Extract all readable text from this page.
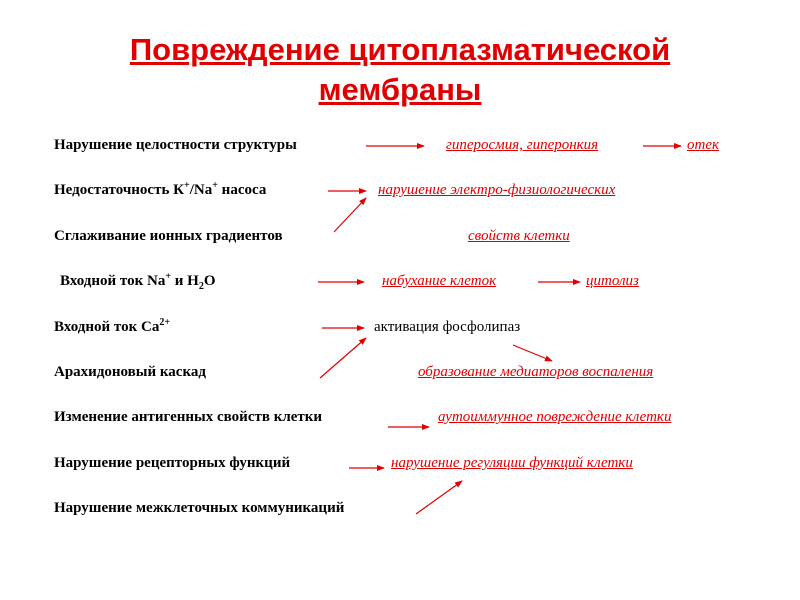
Повреждение цитоплазматической
мембраны
Нарушение целостности структуры	гиперосмия, гиперонкия	отек
Недостаточность К+/Na+ насоса	нарушение электро-физиологических
Сглаживание ионных градиентов	свойств клетки
Входной ток Na+ и $H_2O$	набухание клеток	цитолиз
Входной ток $Ca^{2+}$	активация фосфолипаз
Арахидоновый каскад	образование медиаторов воспаления
Изменение антигенных свойств клетки	аутоиммунное повреждение клетки
Нарушение рецепторных функций	нарушение регуляции функций клетки
Нарушение межклеточных коммуникаций
